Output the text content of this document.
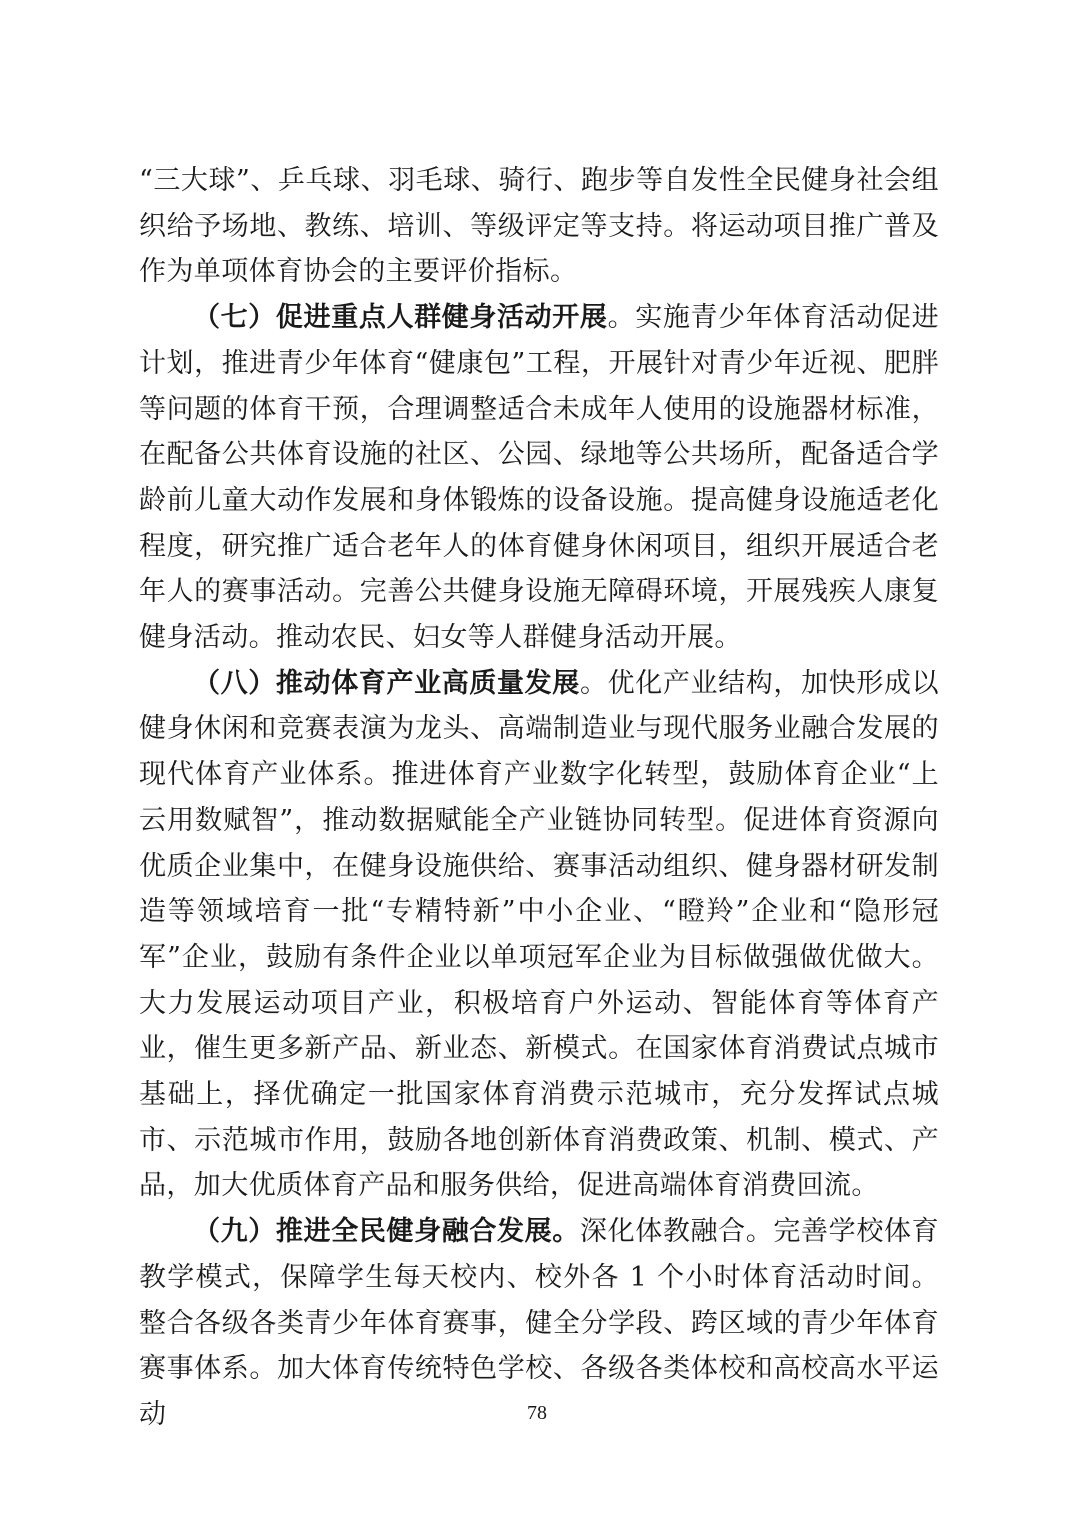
“三大球”、乒乓球、羽毛球、骑行、跑步等自发性全民健身社会组织给予场地、教练、培训、等级评定等支持。将运动项目推广普及作为单项体育协会的主要评价指标。

（七）促进重点人群健身活动开展。实施青少年体育活动促进计划，推进青少年体育“健康包”工程，开展针对青少年近视、肥胖等问题的体育干预，合理调整适合未成年人使用的设施器材标准，在配备公共体育设施的社区、公园、绿地等公共场所，配备适合学龄前儿童大动作发展和身体锻炼的设备设施。提高健身设施适老化程度，研究推广适合老年人的体育健身休闲项目，组织开展适合老年人的赛事活动。完善公共健身设施无障碍环境，开展残疾人康复健身活动。推动农民、妇女等人群健身活动开展。

（八）推动体育产业高质量发展。优化产业结构，加快形成以健身休闲和竞赛表演为龙头、高端制造业与现代服务业融合发展的现代体育产业体系。推进体育产业数字化转型，鼓励体育企业“上云用数赋智”，推动数据赋能全产业链协同转型。促进体育资源向优质企业集中，在健身设施供给、赛事活动组织、健身器材研发制造等领域培育一批“专精特新”中小企业、“瞪羚”企业和“隐形冠军”企业，鼓励有条件企业以单项冠军企业为目标做强做优做大。大力发展运动项目产业，积极培育户外运动、智能体育等体育产业，催生更多新产品、新业态、新模式。在国家体育消费试点城市基础上，择优确定一批国家体育消费示范城市，充分发挥试点城市、示范城市作用，鼓励各地创新体育消费政策、机制、模式、产品，加大优质体育产品和服务供给，促进高端体育消费回流。

（九）推进全民健身融合发展。深化体教融合。完善学校体育教学模式，保障学生每天校内、校外各 1 个小时体育活动时间。整合各级各类青少年体育赛事，健全分学段、跨区域的青少年体育赛事体系。加大体育传统特色学校、各级各类体校和高校高水平运动	78
